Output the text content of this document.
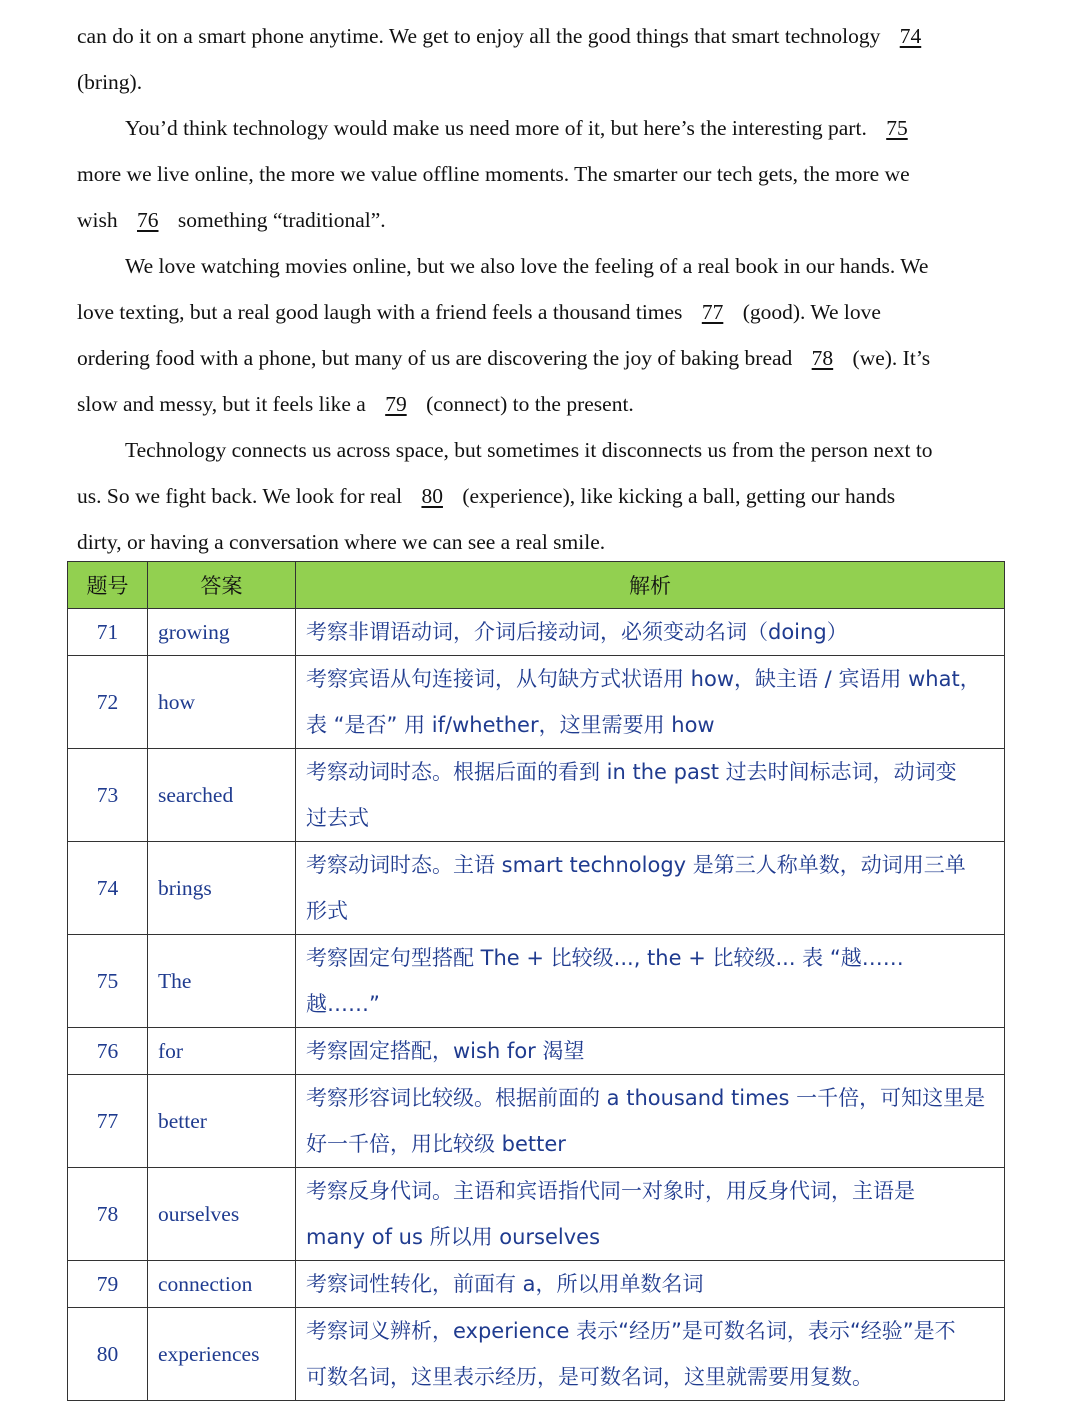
can do it on a smart phone anytime. We get to enjoy all the good things that smart technology 74
(bring).
You’d think technology would make us need more of it, but here’s the interesting part. 75
more we live online, the more we value offline moments. The smarter our tech gets, the more we
wish 76 something “traditional”.
We love watching movies online, but we also love the feeling of a real book in our hands. We
love texting, but a real good laugh with a friend feels a thousand times 77 (good). We love
ordering food with a phone, but many of us are discovering the joy of baking bread 78 (we). It’s
slow and messy, but it feels like a 79 (connect) to the present.
Technology connects us across space, but sometimes it disconnects us from the person next to
us. So we fight back. We look for real 80 (experience), like kicking a ball, getting our hands
dirty, or having a conversation where we can see a real smile.
题号	答案	解析
71	growing	考察非谓语动词，介词后接动词，必须变动名词（doing）
72	how	考察宾语从句连接词，从句缺方式状语用 how，缺主语 / 宾语用 what，
表 “是否” 用 if/whether，这里需要用 how
73	searched	考察动词时态。根据后面的看到 in the past 过去时间标志词，动词变
过去式
74	brings	考察动词时态。主语 smart technology 是第三人称单数，动词用三单
形式
75	The	考察固定句型搭配 The + 比较级..., the + 比较级... 表 “越……
越……”
76	for	考察固定搭配，wish for 渴望
77	better	考察形容词比较级。根据前面的 a thousand times 一千倍，可知这里是
好一千倍，用比较级 better
78	ourselves	考察反身代词。主语和宾语指代同一对象时，用反身代词，主语是
many of us 所以用 ourselves
79	connection	考察词性转化，前面有 a，所以用单数名词
80	experiences	考察词义辨析，experience 表示“经历”是可数名词，表示“经验”是不
可数名词，这里表示经历，是可数名词，这里就需要用复数。
